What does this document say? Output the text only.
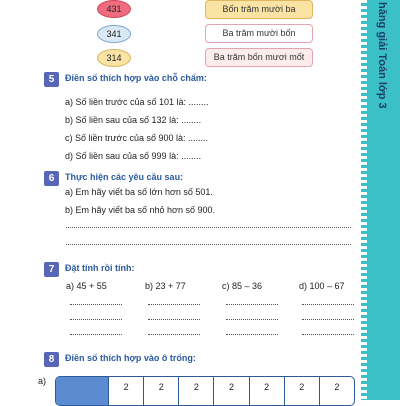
431
341
314
Bốn trăm mười ba
Ba trăm mười bốn
Ba trăm bốn mươi mốt
5	Điền số thích hợp vào chỗ chấm:
a) Số liền trước của số 101 là: ........
b) Số liền sau của số 132 là: ........
c) Số liền trước của số 900 là: ........
d) Số liền sau của số 999 là: ........
6	Thực hiện các yêu cầu sau:
a) Em hãy viết ba số lớn hơn số 501.
b) Em hãy viết ba số nhỏ hơn số 900.
7	Đặt tính rồi tính:
a) 45 + 55	b) 23 + 77	c) 85 – 36	d) 100 – 67
8	Điền số thích hợp vào ô trống:
a)
2	2	2	2	2	2	2
hăng giải Toán lớp 3
